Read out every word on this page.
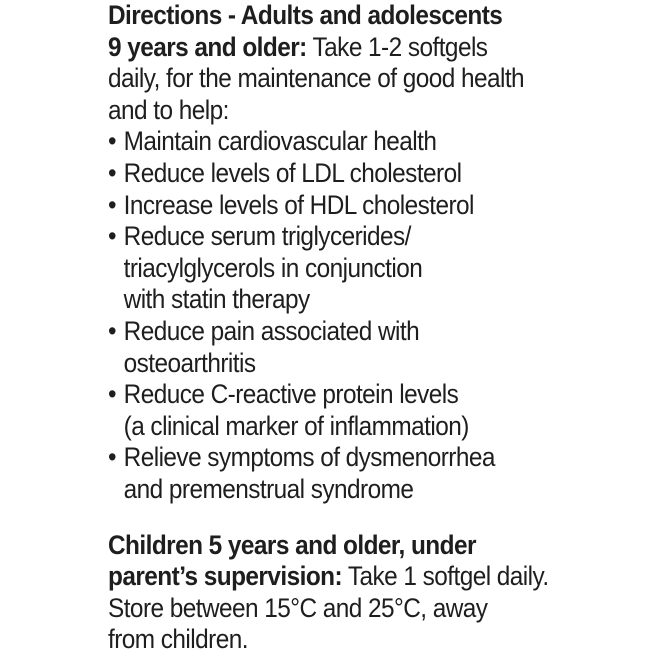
Directions - Adults and adolescents
9 years and older: Take 1-2 softgels
daily, for the maintenance of good health
and to help:
• Maintain cardiovascular health
• Reduce levels of LDL cholesterol
• Increase levels of HDL cholesterol
• Reduce serum triglycerides/
triacylglycerols in conjunction
with statin therapy
• Reduce pain associated with
osteoarthritis
• Reduce C-reactive protein levels
(a clinical marker of inflammation)
• Relieve symptoms of dysmenorrhea
and premenstrual syndrome
Children 5 years and older, under
parent’s supervision: Take 1 softgel daily.
Store between 15°C and 25°C, away
from children.
